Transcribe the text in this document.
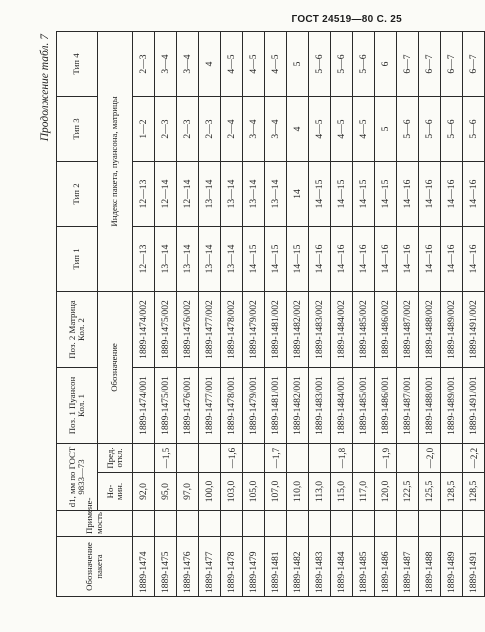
ГОСТ 24519—80 С. 25
Продолжение табл. 7
Обозначение пакета	Примене- мость	d1, мм по ГОСТ 9833—73		Поз. 1 Пуансон Кол. 1	Поз. 2 Матрица Кол. 2	Тип 1	Тип 2	Тип 3	Тип 4
		Но- мин.	Пред. откл.	Обозначение		Индекс пакета, пуансона, матрицы			
1889-1474		92,0		1889-1474/001	1889-1474/002	12—13	12—13	1—2	2—3
1889-1475		95,0	—1,5	1889-1475/001	1889-1475/002	13—14	12—14	2—3	3—4
1889-1476		97,0		1889-1476/001	1889-1476/002	13—14	12—14	2—3	3—4
1889-1477		100,0		1889-1477/001	1889-1477/002	13—14	13—14	2—3	4
1889-1478		103,0	—1,6	1889-1478/001	1889-1478/002	13—14	13—14	2—4	4—5
1889-1479		105,0		1889-1479/001	1889-1479/002	14—15	13—14	3—4	4—5
1889-1481		107,0	—1,7	1889-1481/001	1889-1481/002	14—15	13—14	3—4	4—5
1889-1482		110,0		1889-1482/001	1889-1482/002	14—15	14	4	5
1889-1483		113,0		1889-1483/001	1889-1483/002	14—16	14—15	4—5	5—6
1889-1484		115,0	—1,8	1889-1484/001	1889-1484/002	14—16	14—15	4—5	5—6
1889-1485		117,0		1889-1485/001	1889-1485/002	14—16	14—15	4—5	5—6
1889-1486		120,0	—1,9	1889-1486/001	1889-1486/002	14—16	14—15	5	6
1889-1487		122,5		1889-1487/001	1889-1487/002	14—16	14—16	5—6	6—7
1889-1488		125,5	—2,0	1889-1488/001	1889-1488/002	14—16	14—16	5—6	6—7
1889-1489		128,5		1889-1489/001	1889-1489/002	14—16	14—16	5—6	6—7
1889-1491		128,5	—2,2	1889-1491/001	1889-1491/002	14—16	14—16	5—6	6—7
